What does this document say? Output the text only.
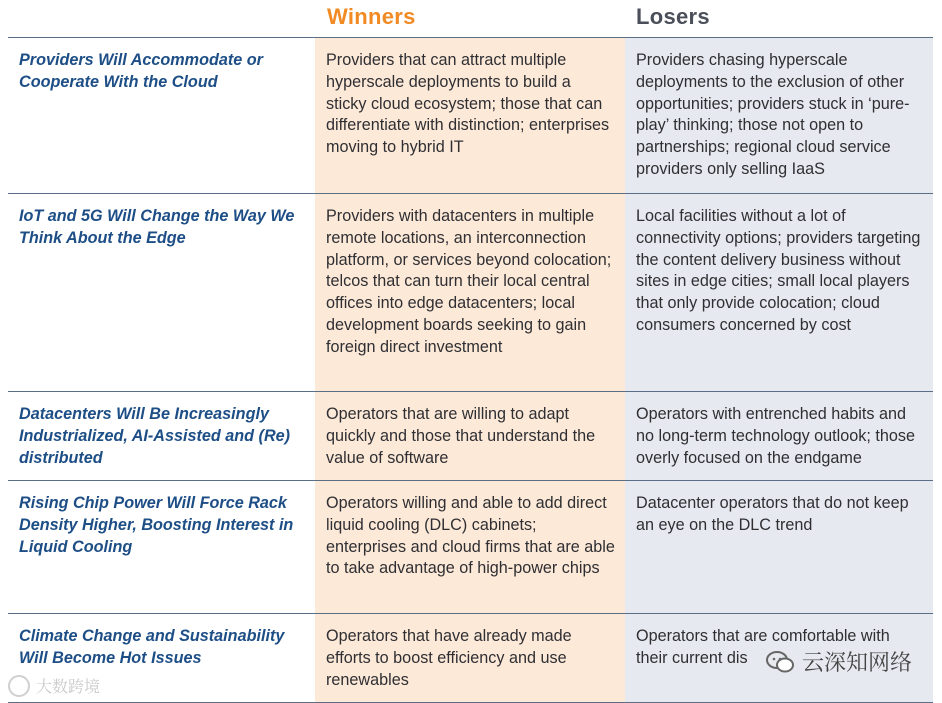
Winners	Losers
Providers Will Accommodate or Cooperate With the Cloud
Providers that can attract multiple hyperscale deployments to build a sticky cloud ecosystem; those that can differentiate with distinction; enterprises moving to hybrid IT
Providers chasing hyperscale deployments to the exclusion of other opportunities; providers stuck in ‘pure-play’ thinking; those not open to partnerships; regional cloud service providers only selling IaaS
IoT and 5G Will Change the Way We Think About the Edge
Providers with datacenters in multiple remote locations, an interconnection platform, or services beyond colocation; telcos that can turn their local central offices into edge datacenters; local development boards seeking to gain foreign direct investment
Local facilities without a lot of connectivity options; providers targeting the content delivery business without sites in edge cities; small local players that only provide colocation; cloud consumers concerned by cost
Datacenters Will Be Increasingly Industrialized, AI-Assisted and (Re) distributed
Operators that are willing to adapt quickly and those that understand the value of software
Operators with entrenched habits and no long-term technology outlook; those overly focused on the endgame
Rising Chip Power Will Force Rack Density Higher, Boosting Interest in Liquid Cooling
Operators willing and able to add direct liquid cooling (DLC) cabinets; enterprises and cloud firms that are able to take advantage of high-power chips
Datacenter operators that do not keep an eye on the DLC trend
Climate Change and Sustainability Will Become Hot Issues
Operators that have already made efforts to boost efficiency and use renewables
Operators that are comfortable with their current dis
大数跨境
云深知网络
